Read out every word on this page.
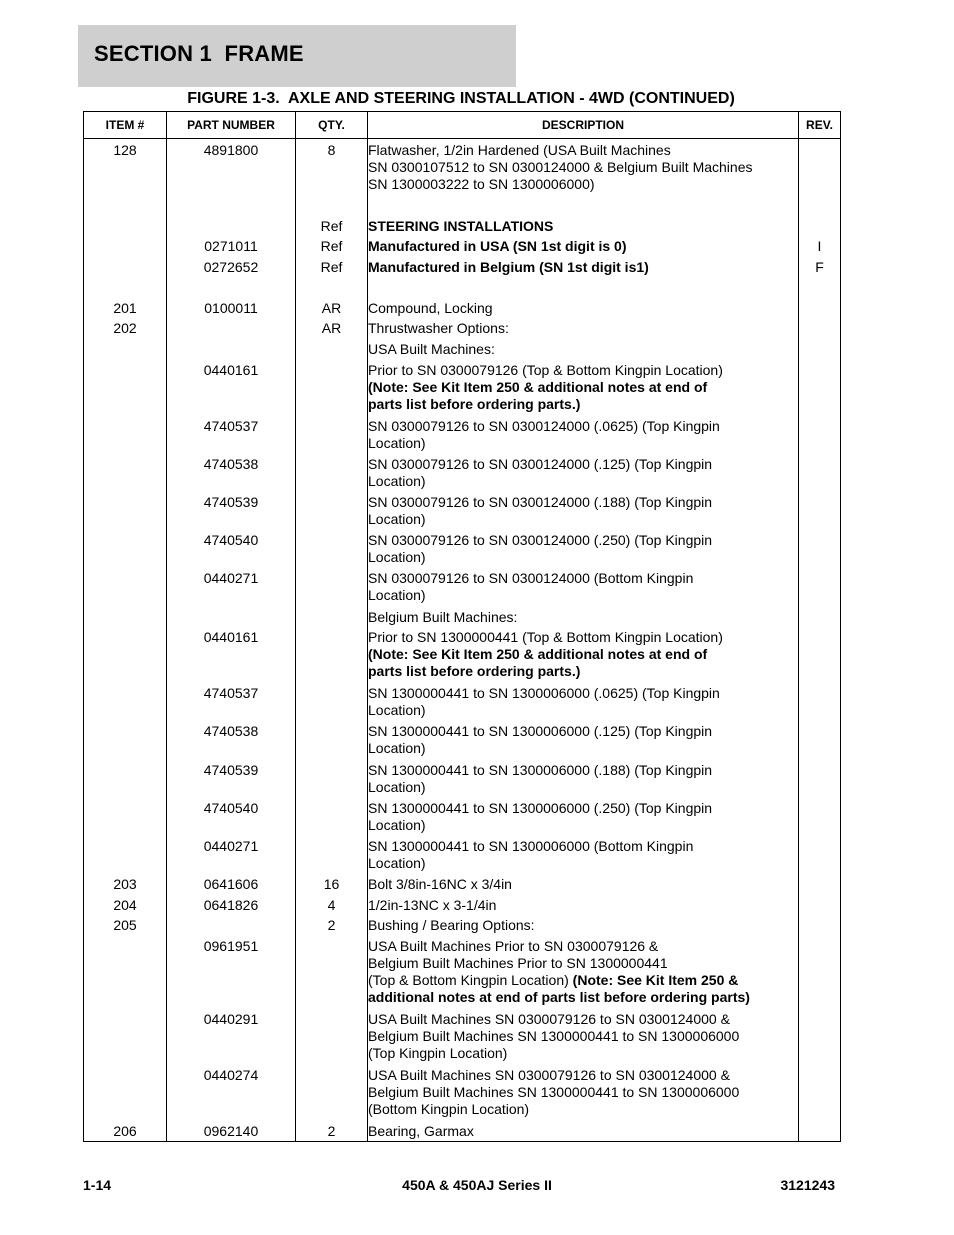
SECTION 1  FRAME
FIGURE 1-3.  AXLE AND STEERING INSTALLATION - 4WD (CONTINUED)
ITEM #	PART NUMBER	QTY.	DESCRIPTION	REV.
128	4891800	8	Flatwasher, 1/2in Hardened (USA Built Machines
SN 0300107512 to SN 0300124000 & Belgium Built Machines
SN 1300003222 to SN 1300006000)	

		Ref	STEERING INSTALLATIONS	
	0271011	Ref	Manufactured in USA (SN 1st digit is 0)	I
	0272652	Ref	Manufactured in Belgium (SN 1st digit is1)	F

201	0100011	AR	Compound, Locking	
202		AR	Thrustwasher Options:	
			USA Built Machines:	
	0440161		Prior to SN 0300079126 (Top & Bottom Kingpin Location)
(Note: See Kit Item 250 & additional notes at end of
parts list before ordering parts.)	
	4740537		SN 0300079126 to SN 0300124000 (.0625) (Top Kingpin
Location)	
	4740538		SN 0300079126 to SN 0300124000 (.125) (Top Kingpin
Location)	
	4740539		SN 0300079126 to SN 0300124000 (.188) (Top Kingpin
Location)	
	4740540		SN 0300079126 to SN 0300124000 (.250) (Top Kingpin
Location)	
	0440271		SN 0300079126 to SN 0300124000 (Bottom Kingpin
Location)	
			Belgium Built Machines:	
	0440161		Prior to SN 1300000441 (Top & Bottom Kingpin Location)
(Note: See Kit Item 250 & additional notes at end of
parts list before ordering parts.)	
	4740537		SN 1300000441 to SN 1300006000 (.0625) (Top Kingpin
Location)	
	4740538		SN 1300000441 to SN 1300006000 (.125) (Top Kingpin
Location)	
	4740539		SN 1300000441 to SN 1300006000 (.188) (Top Kingpin
Location)	
	4740540		SN 1300000441 to SN 1300006000 (.250) (Top Kingpin
Location)	
	0440271		SN 1300000441 to SN 1300006000 (Bottom Kingpin
Location)	
203	0641606	16	Bolt 3/8in-16NC x 3/4in	
204	0641826	4	1/2in-13NC x 3-1/4in	
205		2	Bushing / Bearing Options:	
	0961951		USA Built Machines Prior to SN 0300079126 &
Belgium Built Machines Prior to SN 1300000441
(Top & Bottom Kingpin Location) (Note: See Kit Item 250 &
additional notes at end of parts list before ordering parts)	
	0440291		USA Built Machines SN 0300079126 to SN 0300124000 &
Belgium Built Machines SN 1300000441 to SN 1300006000
(Top Kingpin Location)	
	0440274		USA Built Machines SN 0300079126 to SN 0300124000 &
Belgium Built Machines SN 1300000441 to SN 1300006000
(Bottom Kingpin Location)	
206	0962140	2	Bearing, Garmax	

1-14	450A & 450AJ Series II	3121243
